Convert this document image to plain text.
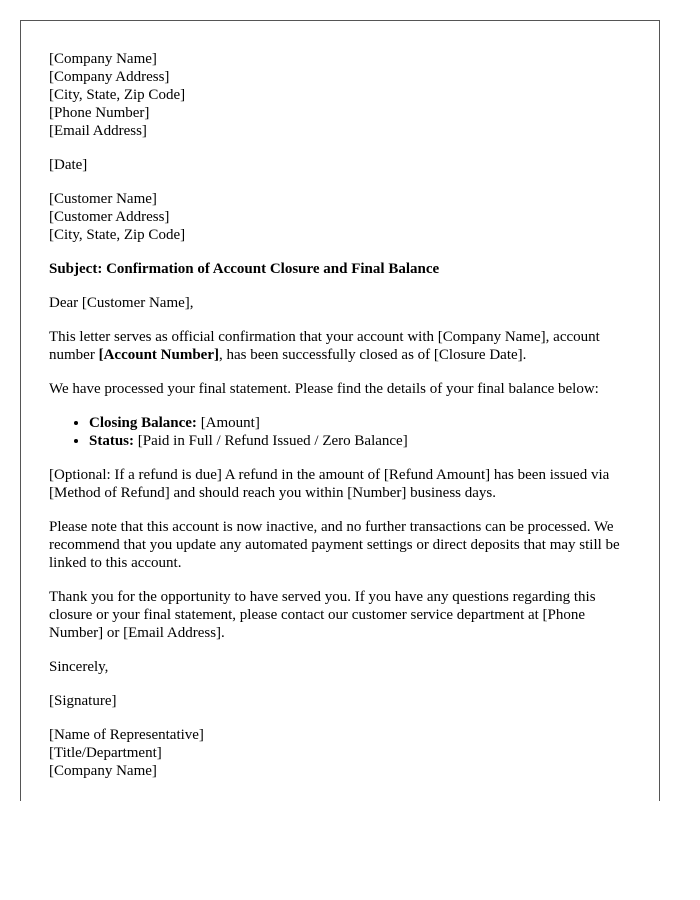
[Company Name]
[Company Address]
[City, State, Zip Code]
[Phone Number]
[Email Address]

[Date]

[Customer Name]
[Customer Address]
[City, State, Zip Code]

Subject: Confirmation of Account Closure and Final Balance

Dear [Customer Name],

This letter serves as official confirmation that your account with [Company Name], account number [Account Number], has been successfully closed as of [Closure Date].

We have processed your final statement. Please find the details of your final balance below:

• Closing Balance: [Amount]
• Status: [Paid in Full / Refund Issued / Zero Balance]

[Optional: If a refund is due] A refund in the amount of [Refund Amount] has been issued via [Method of Refund] and should reach you within [Number] business days.

Please note that this account is now inactive, and no further transactions can be processed. We recommend that you update any automated payment settings or direct deposits that may still be linked to this account.

Thank you for the opportunity to have served you. If you have any questions regarding this closure or your final statement, please contact our customer service department at [Phone Number] or [Email Address].

Sincerely,

[Signature]

[Name of Representative]
[Title/Department]
[Company Name]
